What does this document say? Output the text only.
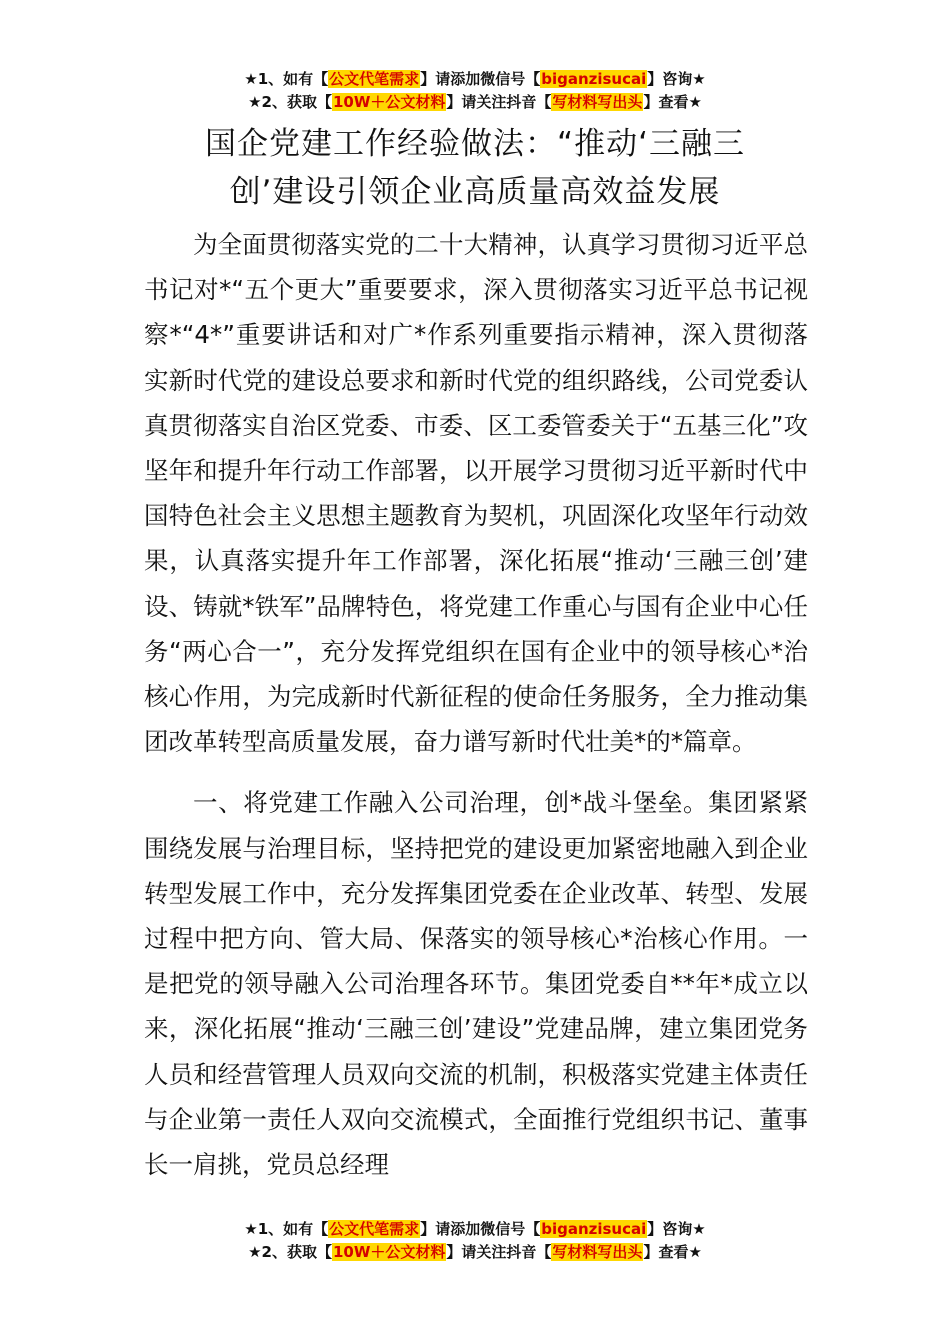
★1、如有【公文代笔需求】请添加微信号【biganzisucai】咨询★
★2、获取【10W＋公文材料】请关注抖音【写材料写出头】查看★
国企党建工作经验做法：“推动‘三融三
创’建设引领企业高质量高效益发展

为全面贯彻落实党的二十大精神，认真学习贯彻习近平总书记对*“五个更大”重要要求，深入贯彻落实习近平总书记视察*“4*”重要讲话和对广*作系列重要指示精神，深入贯彻落实新时代党的建设总要求和新时代党的组织路线，公司党委认真贯彻落实自治区党委、市委、区工委管委关于“五基三化”攻坚年和提升年行动工作部署，以开展学习贯彻习近平新时代中国特色社会主义思想主题教育为契机，巩固深化攻坚年行动效果，认真落实提升年工作部署，深化拓展“推动‘三融三创’建设、铸就*铁军”品牌特色，将党建工作重心与国有企业中心任务“两心合一”，充分发挥党组织在国有企业中的领导核心*治核心作用，为完成新时代新征程的使命任务服务，全力推动集团改革转型高质量发展，奋力谱写新时代壮美*的*篇章。

一、将党建工作融入公司治理，创*战斗堡垒。集团紧紧围绕发展与治理目标，坚持把党的建设更加紧密地融入到企业转型发展工作中，充分发挥集团党委在企业改革、转型、发展过程中把方向、管大局、保落实的领导核心*治核心作用。一是把党的领导融入公司治理各环节。集团党委自**年*成立以来，深化拓展“推动‘三融三创’建设”党建品牌，建立集团党务人员和经营管理人员双向交流的机制，积极落实党建主体责任与企业第一责任人双向交流模式，全面推行党组织书记、董事长一肩挑，党员总经理

★1、如有【公文代笔需求】请添加微信号【biganzisucai】咨询★
★2、获取【10W＋公文材料】请关注抖音【写材料写出头】查看★
